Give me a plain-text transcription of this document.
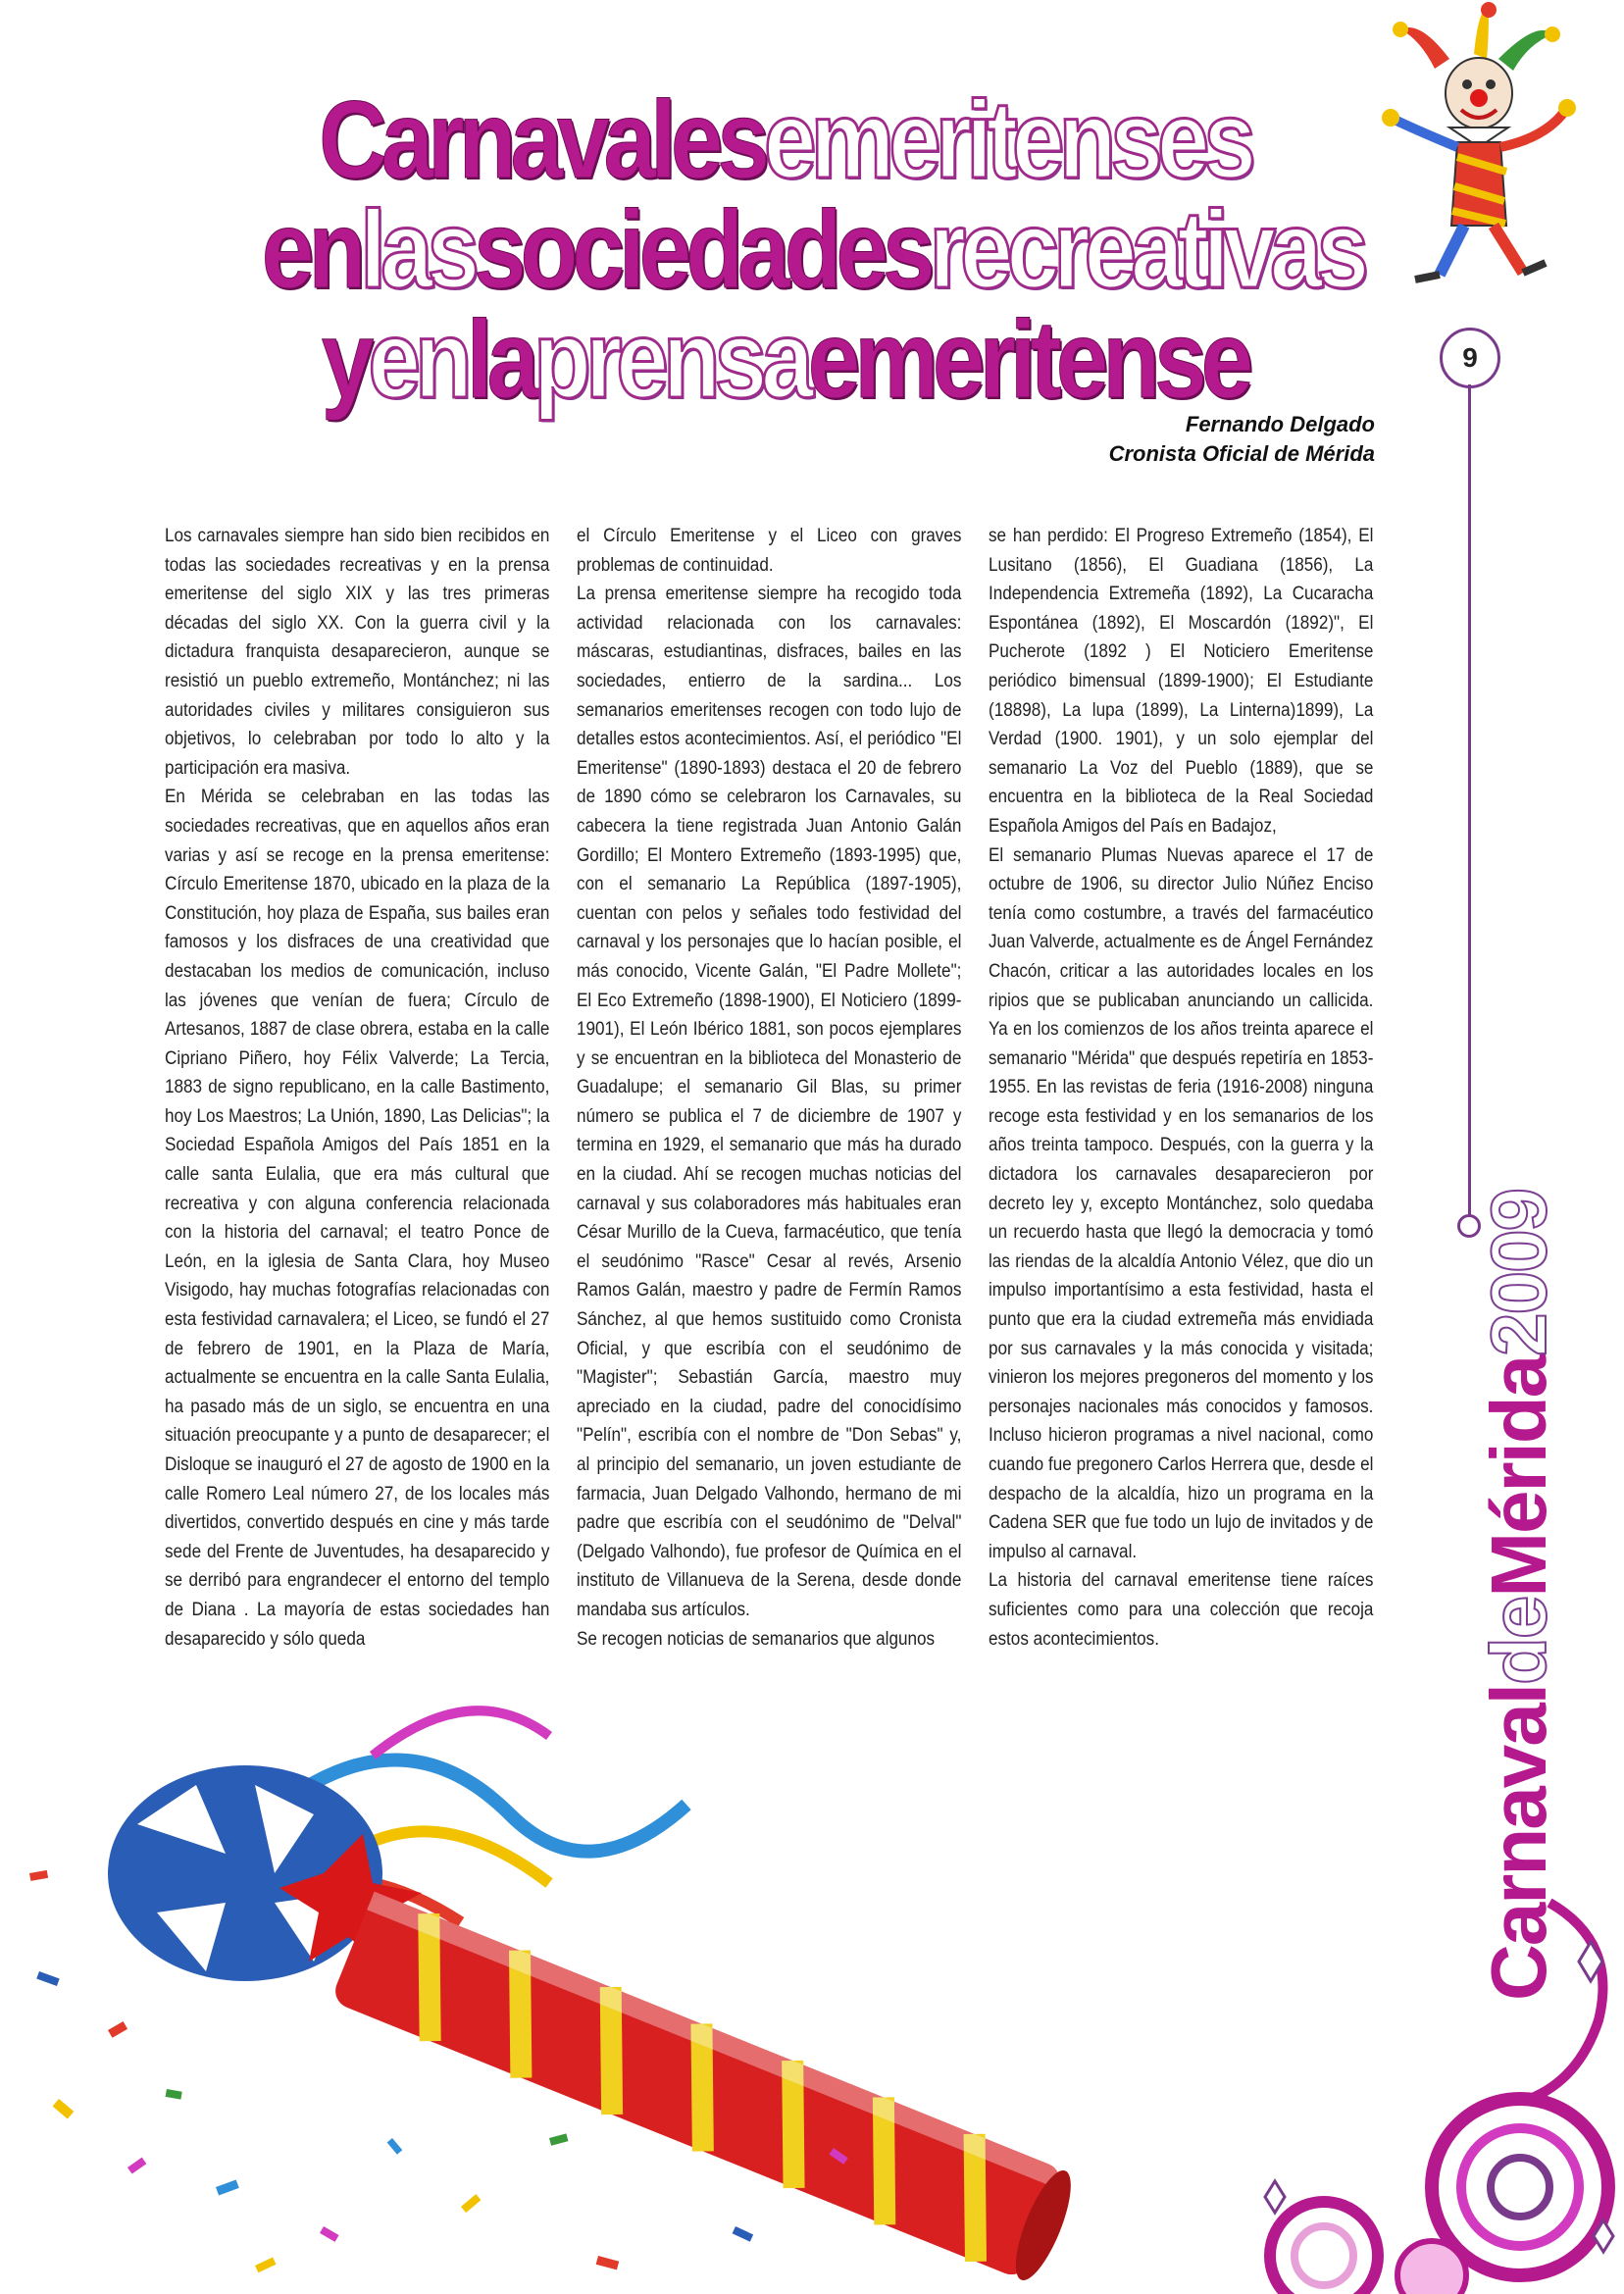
Carnavalesemeritenses
enlassociedadesrecreativas
yenlaprensaemeritense
Fernando Delgado
Cronista Oficial de Mérida
9
CarnavaldeMérida2009

Los carnavales siempre han sido bien recibidos en todas las sociedades recreativas y en la prensa emeritense del siglo XIX y las tres primeras décadas del siglo XX. Con la guerra civil y la dictadura franquista desaparecieron, aunque se resistió un pueblo extremeño, Montánchez; ni las autoridades civiles y militares consiguieron sus objetivos, lo celebraban por todo lo alto y la participación era masiva.

En Mérida se celebraban en las todas las sociedades recreativas, que en aquellos años eran varias y así se recoge en la prensa emeritense: Círculo Emeritense 1870, ubicado en la plaza de la Constitución, hoy plaza de España, sus bailes eran famosos y los disfraces de una creatividad que destacaban los medios de comunicación, incluso las jóvenes que venían de fuera; Círculo de Artesanos, 1887 de clase obrera, estaba en la calle Cipriano Piñero, hoy Félix Valverde; La Tercia, 1883 de signo republicano, en la calle Bastimento, hoy Los Maestros; La Unión, 1890, Las Delicias"; la Sociedad Española Amigos del País 1851 en la calle santa Eulalia, que era más cultural que recreativa y con alguna conferencia relacionada con la historia del carnaval; el teatro Ponce de León, en la iglesia de Santa Clara, hoy Museo Visigodo, hay muchas fotografías relacionadas con esta festividad carnavalera; el Liceo, se fundó el 27 de febrero de 1901, en la Plaza de María, actualmente se encuentra en la calle Santa Eulalia, ha pasado más de un siglo, se encuentra en una situación preocupante y a punto de desaparecer; el Disloque se inauguró el 27 de agosto de 1900 en la calle Romero Leal número 27, de los locales más divertidos, convertido después en cine y más tarde sede del Frente de Juventudes, ha desaparecido y se derribó para engrandecer el entorno del templo de Diana . La mayoría de estas sociedades han desaparecido y sólo queda

el Círculo Emeritense y el Liceo con graves problemas de continuidad.

La prensa emeritense siempre ha recogido toda actividad relacionada con los carnavales: máscaras, estudiantinas, disfraces, bailes en las sociedades, entierro de la sardina... Los semanarios emeritenses recogen con todo lujo de detalles estos acontecimientos. Así, el periódico "El Emeritense" (1890-1893) destaca el 20 de febrero de 1890 cómo se celebraron los Carnavales, su cabecera la tiene registrada Juan Antonio Galán Gordillo; El Montero Extremeño (1893-1995) que, con el semanario La República (1897-1905), cuentan con pelos y señales todo festividad del carnaval y los personajes que lo hacían posible, el más conocido, Vicente Galán, "El Padre Mollete"; El Eco Extremeño (1898-1900), El Noticiero (1899-1901), El León Ibérico 1881, son pocos ejemplares y se encuentran en la biblioteca del Monasterio de Guadalupe; el semanario Gil Blas, su primer número se publica el 7 de diciembre de 1907 y termina en 1929, el semanario que más ha durado en la ciudad. Ahí se recogen muchas noticias del carnaval y sus colaboradores más habituales eran César Murillo de la Cueva, farmacéutico, que tenía el seudónimo "Rasce" Cesar al revés, Arsenio Ramos Galán, maestro y padre de Fermín Ramos Sánchez, al que hemos sustituido como Cronista Oficial, y que escribía con el seudónimo de "Magister"; Sebastián García, maestro muy apreciado en la ciudad, padre del conocidísimo "Pelín", escribía con el nombre de "Don Sebas" y, al principio del semanario, un joven estudiante de farmacia, Juan Delgado Valhondo, hermano de mi padre que escribía con el seudónimo de "Delval" (Delgado Valhondo), fue profesor de Química en el instituto de Villanueva de la Serena, desde donde mandaba sus artículos.

Se recogen noticias de semanarios que algunos

se han perdido: El Progreso Extremeño (1854), El Lusitano (1856), El Guadiana (1856), La Independencia Extremeña (1892), La Cucaracha Espontánea (1892), El Moscardón (1892)", El Pucherote (1892 ) El Noticiero Emeritense periódico bimensual (1899-1900); El Estudiante (18898), La lupa (1899), La Linterna)1899), La Verdad (1900. 1901), y un solo ejemplar del semanario La Voz del Pueblo (1889), que se encuentra en la biblioteca de la Real Sociedad Española Amigos del País en Badajoz,

El semanario Plumas Nuevas aparece el 17 de octubre de 1906, su director Julio Núñez Enciso tenía como costumbre, a través del farmacéutico Juan Valverde, actualmente es de Ángel Fernández Chacón, criticar a las autoridades locales en los ripios que se publicaban anunciando un callicida. Ya en los comienzos de los años treinta aparece el semanario "Mérida" que después repetiría en 1853-1955. En las revistas de feria (1916-2008) ninguna recoge esta festividad y en los semanarios de los años treinta tampoco. Después, con la guerra y la dictadora los carnavales desaparecieron por decreto ley y, excepto Montánchez, solo quedaba un recuerdo hasta que llegó la democracia y tomó las riendas de la alcaldía Antonio Vélez, que dio un impulso importantísimo a esta festividad, hasta el punto que era la ciudad extremeña más envidiada por sus carnavales y la más conocida y visitada; vinieron los mejores pregoneros del momento y los personajes nacionales más conocidos y famosos. Incluso hicieron programas a nivel nacional, como cuando fue pregonero Carlos Herrera que, desde el despacho de la alcaldía, hizo un programa en la Cadena SER que fue todo un lujo de invitados y de impulso al carnaval.

La historia del carnaval emeritense tiene raíces suficientes como para una colección que recoja estos acontecimientos.
